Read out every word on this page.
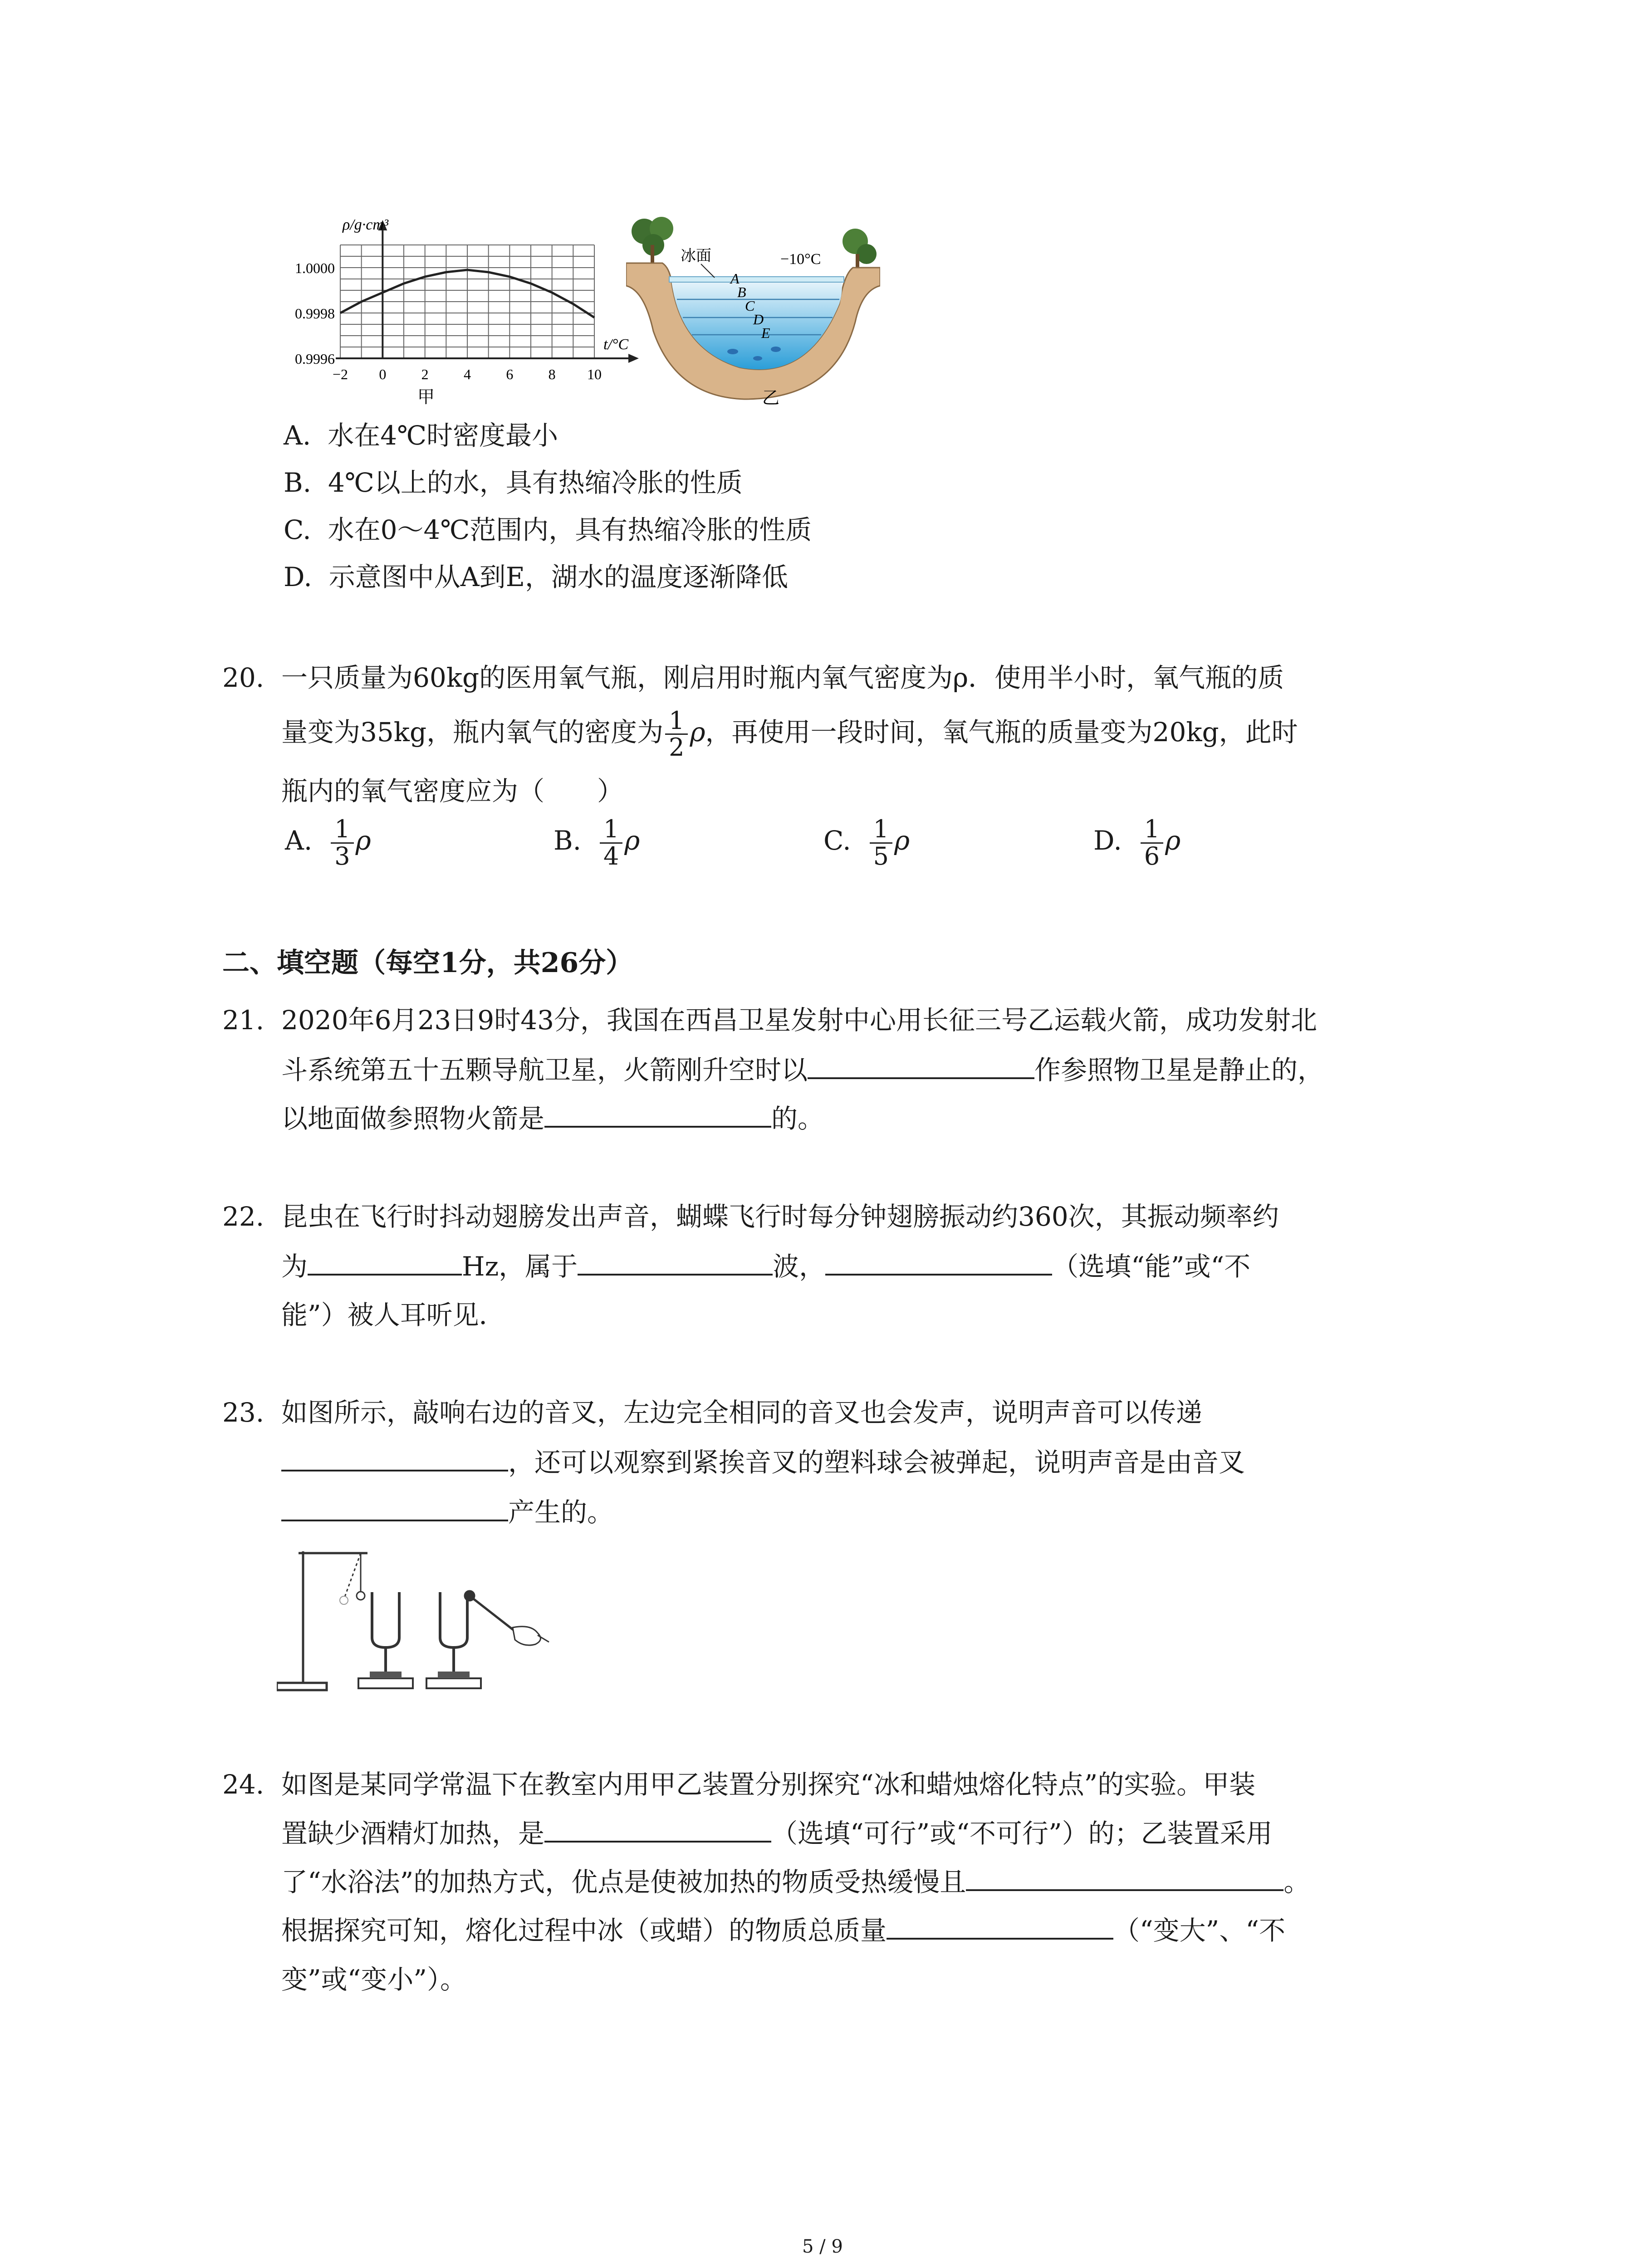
1.0000
0.9998
0.9996
−2 0 2 4 6 8 10
ρ/g·cm³
t/°C
甲
冰面	−10°C
A
B
C
D
E
乙
A. 水在4℃时密度最小
B. 4℃以上的水，具有热缩冷胀的性质
C. 水在0～4℃范围内，具有热缩冷胀的性质
D. 示意图中从A到E，湖水的温度逐渐降低
20. 一只质量为60kg的医用氧气瓶，刚启用时瓶内氧气密度为ρ．使用半小时，氧气瓶的质
量变为35kg，瓶内氧气的密度为 $\frac{1}{2}$ ρ，再使用一段时间，氧气瓶的质量变为20kg，此时
瓶内的氧气密度应为（　　）
A. $\frac{1}{3}$ ρ	B. $\frac{1}{4}$ ρ	C. $\frac{1}{5}$ ρ	D. $\frac{1}{6}$ ρ
二、填空题（每空1分，共26分）
21. 2020年6月23日9时43分，我国在西昌卫星发射中心用长征三号乙运载火箭，成功发射北
斗系统第五十五颗导航卫星，火箭刚升空时以	作参照物卫星是静止的，
以地面做参照物火箭是	的。
22. 昆虫在飞行时抖动翅膀发出声音，蝴蝶飞行时每分钟翅膀振动约360次，其振动频率约
为	Hz，属于	波，	（选填“能”或“不
能”）被人耳听见．
23. 如图所示，敲响右边的音叉，左边完全相同的音叉也会发声，说明声音可以传递
，还可以观察到紧挨音叉的塑料球会被弹起，说明声音是由音叉
产生的。
24. 如图是某同学常温下在教室内用甲乙装置分别探究“冰和蜡烛熔化特点”的实验。甲装
置缺少酒精灯加热，是	（选填“可行”或“不可行”）的；乙装置采用
了“水浴法”的加热方式，优点是使被加热的物质受热缓慢且	。
根据探究可知，熔化过程中冰（或蜡）的物质总质量	（“变大”、“不
变”或“变小”）。
5 / 9
